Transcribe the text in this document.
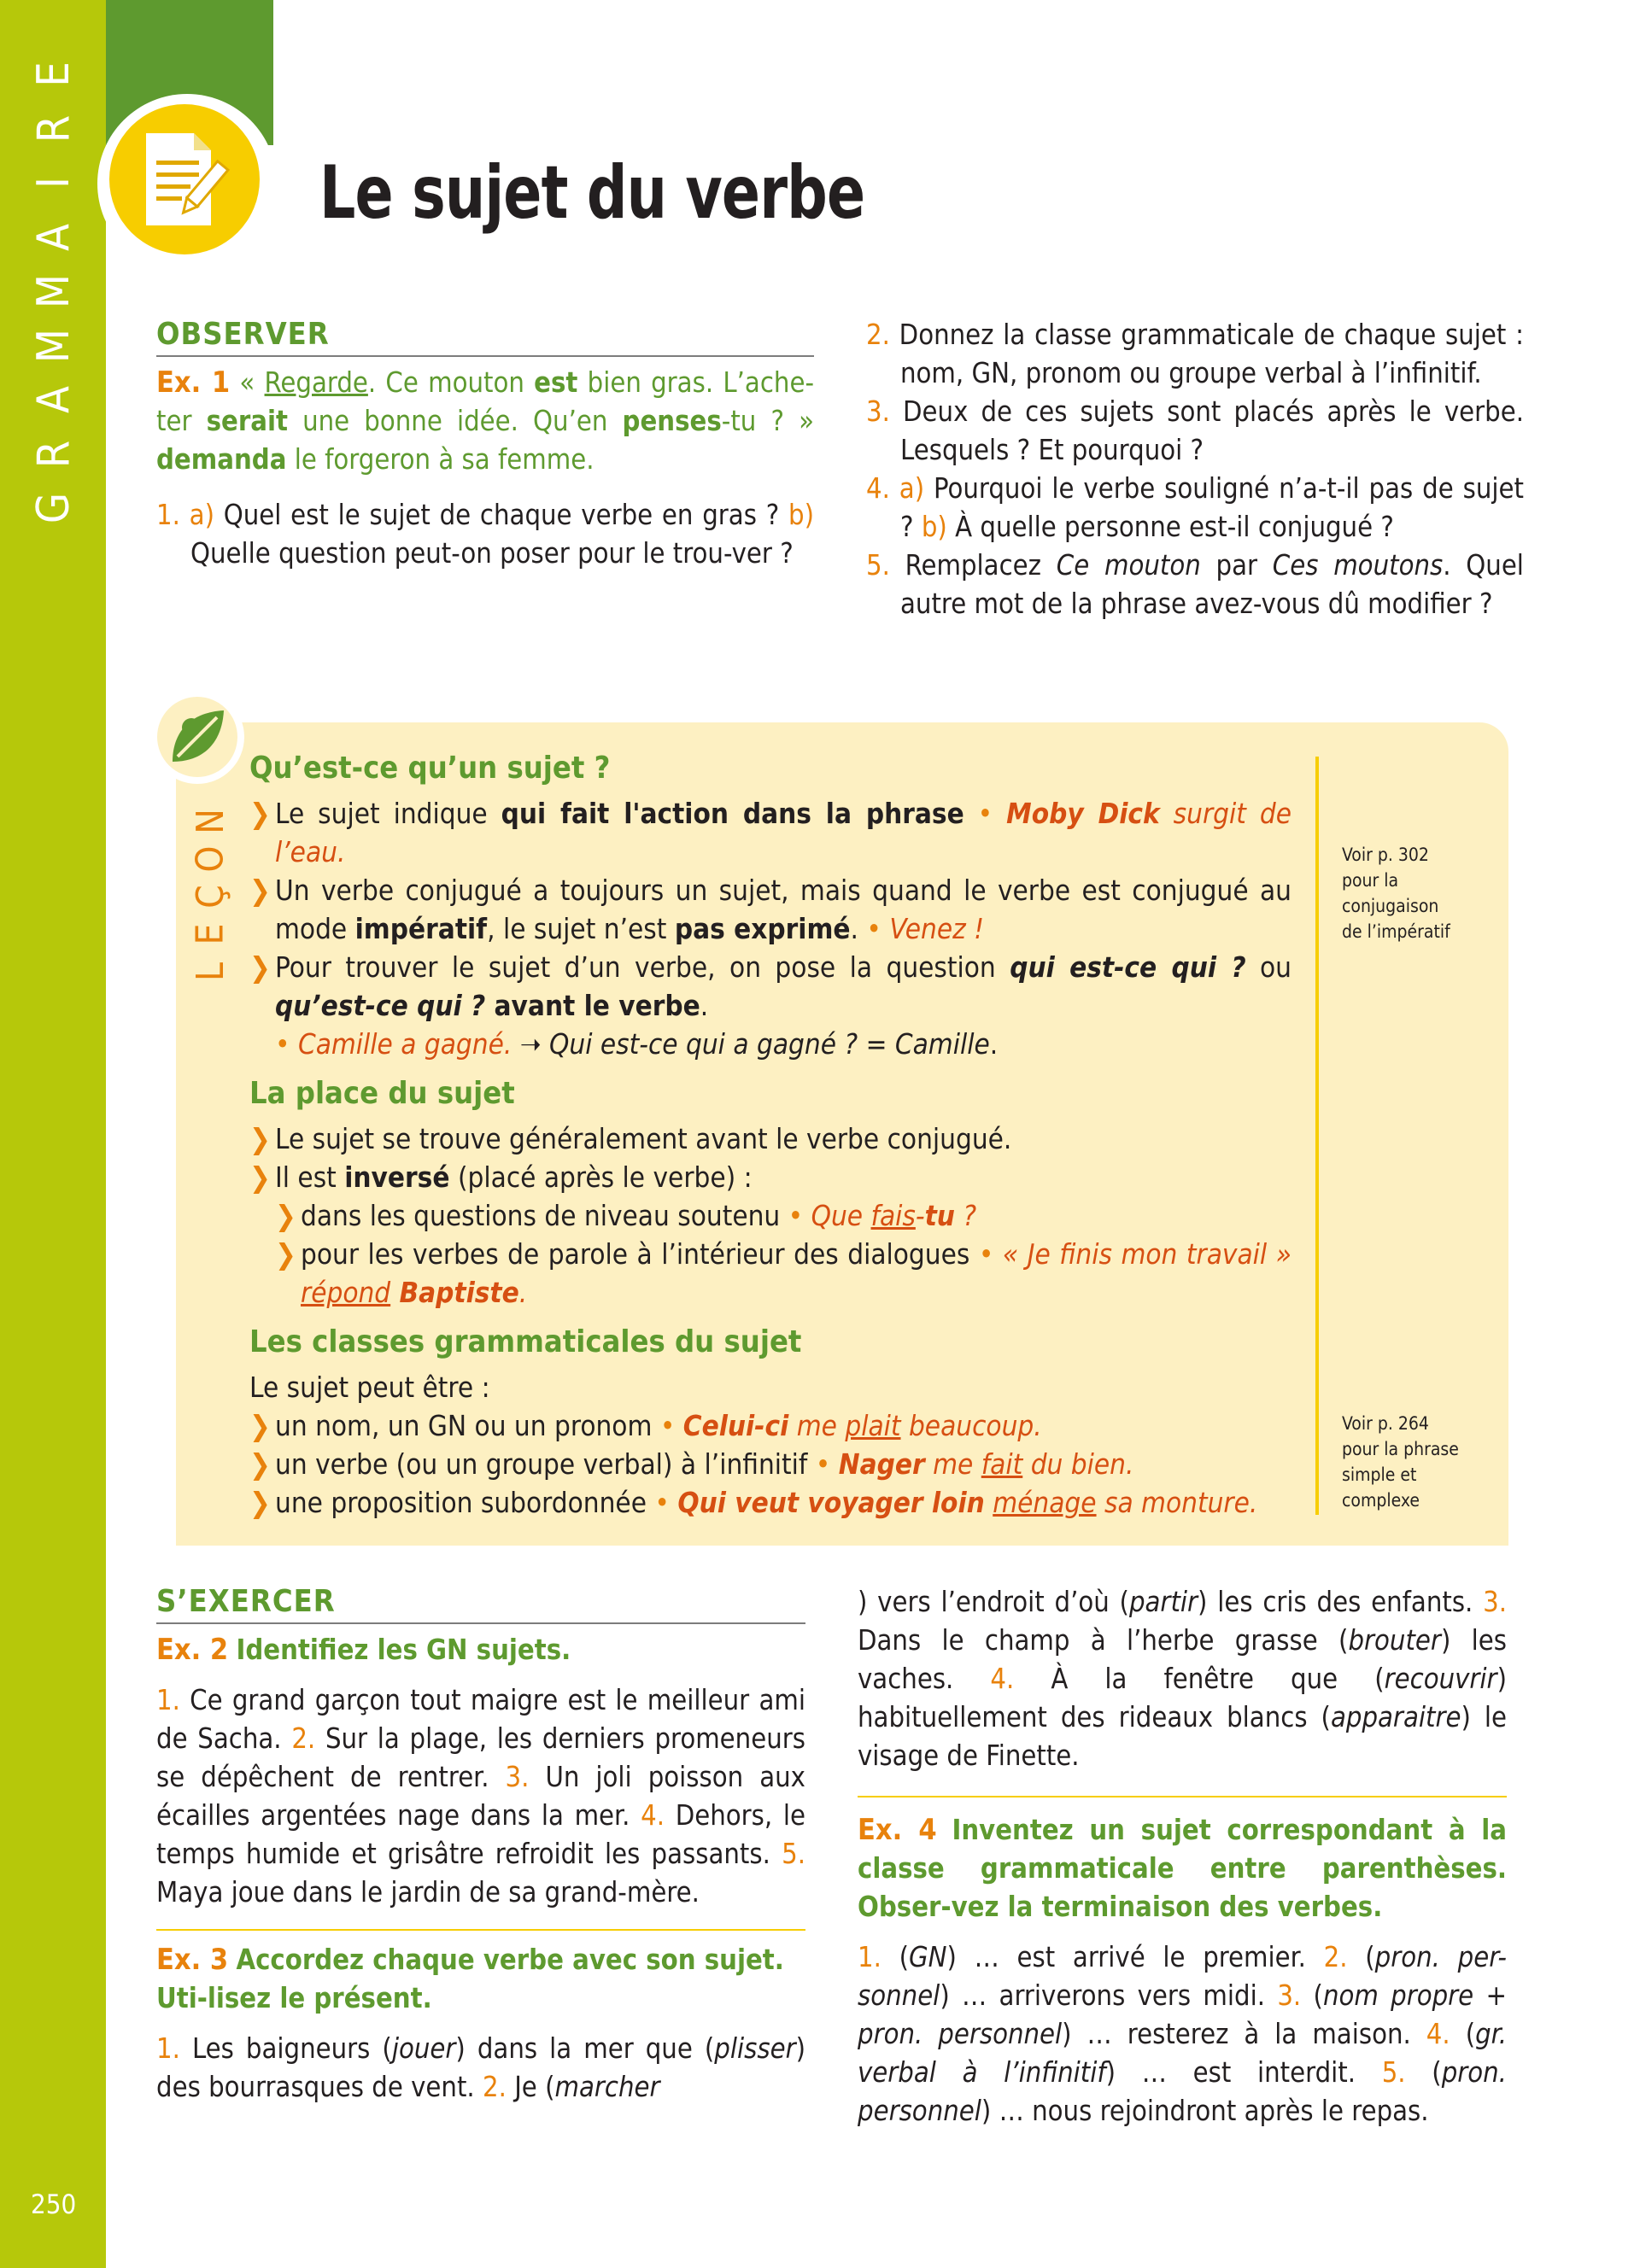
E
R
I
A
M
M
A
R
G
250
Le sujet du verbe
OBSERVER

Ex. 1 « Regarde. Ce mouton est bien gras. L’ache-ter serait une bonne idée. Qu’en penses-tu ? » demanda le forgeron à sa femme.

1. a) Quel est le sujet de chaque verbe en gras ? b) Quelle question peut-on poser pour le trou-ver ?

2. Donnez la classe grammaticale de chaque sujet : nom, GN, pronom ou groupe verbal à l’infinitif.

3. Deux de ces sujets sont placés après le verbe. Lesquels ? Et pourquoi ?

4. a) Pourquoi le verbe souligné n’a-t-il pas de sujet ? b) À quelle personne est-il conjugué ?

5. Remplacez Ce mouton par Ces moutons. Quel autre mot de la phrase avez-vous dû modifier ?

N
O
Ç
E
L
Qu’est-ce qu’un sujet ?
❯ Le sujet indique qui fait l'action dans la phrase • Moby Dick surgit de l’eau.
❯ Un verbe conjugué a toujours un sujet, mais quand le verbe est conjugué au mode impératif, le sujet n’est pas exprimé. • Venez !
❯ Pour trouver le sujet d’un verbe, on pose la question qui est-ce qui ? ou qu’est-ce qui ? avant le verbe.
• Camille a gagné. ➝ Qui est-ce qui a gagné ? = Camille.
La place du sujet
❯ Le sujet se trouve généralement avant le verbe conjugué.
❯ Il est inversé (placé après le verbe) :
❯ dans les questions de niveau soutenu • Que fais-tu ?
❯ pour les verbes de parole à l’intérieur des dialogues • « Je finis mon travail » répond Baptiste.
Les classes grammaticales du sujet
Le sujet peut être :
❯ un nom, un GN ou un pronom • Celui-ci me plait beaucoup.
❯ un verbe (ou un groupe verbal) à l’infinitif • Nager me fait du bien.
❯ une proposition subordonnée • Qui veut voyager loin ménage sa monture.
Voir p. 302
pour la
conjugaison
de l’impératif
Voir p. 264
pour la phrase
simple et
complexe
S’EXERCER

Ex. 2 Identifiez les GN sujets.

1. Ce grand garçon tout maigre est le meilleur ami de Sacha. 2. Sur la plage, les derniers promeneurs se dépêchent de rentrer. 3. Un joli poisson aux écailles argentées nage dans la mer. 4. Dehors, le temps humide et grisâtre refroidit les passants. 5. Maya joue dans le jardin de sa grand-mère.

Ex. 3 Accordez chaque verbe avec son sujet. Uti-lisez le présent.

1. Les baigneurs (jouer) dans la mer que (plisser) des bourrasques de vent. 2. Je (marcher

) vers l’endroit d’où (partir) les cris des enfants. 3. Dans le champ à l’herbe grasse (brouter) les vaches. 4. À la fenêtre que (recouvrir) habituellement des rideaux blancs (apparaitre) le visage de Finette.

Ex. 4 Inventez un sujet correspondant à la classe grammaticale entre parenthèses. Obser-vez la terminaison des verbes.

1. (GN) … est arrivé le premier. 2. (pron. per-sonnel) … arriverons vers midi. 3. (nom propre + pron. personnel) … resterez à la maison. 4. (gr. verbal à l’infinitif) … est interdit. 5. (pron. personnel) … nous rejoindront après le repas.
